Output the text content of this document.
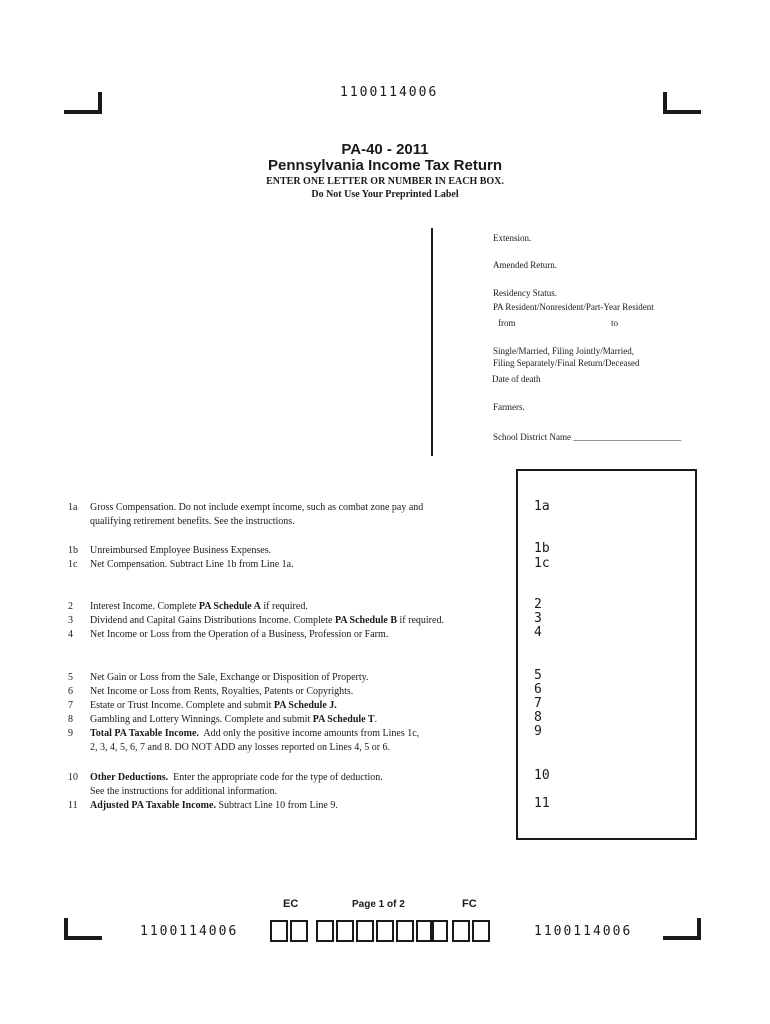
1100114006
PA-40 - 2011
Pennsylvania Income Tax Return
ENTER ONE LETTER OR NUMBER IN EACH BOX.
Do Not Use Your Preprinted Label
Extension.
Amended Return.
Residency Status.
PA Resident/Nonresident/Part-Year Resident
from	to
Single/Married, Filing Jointly/Married,
Filing Separately/Final Return/Deceased
Date of death
Farmers.
School District Name ________________________
1a	Gross Compensation. Do not include exempt income, such as combat zone pay and
qualifying retirement benefits. See the instructions.
1a
1b	Unreimbursed Employee Business Expenses.	1b
1c	Net Compensation. Subtract Line 1b from Line 1a.	1c
2	Interest Income. Complete PA Schedule A if required.	2
3	Dividend and Capital Gains Distributions Income. Complete PA Schedule B if required.	3
4	Net Income or Loss from the Operation of a Business, Profession or Farm.	4
5	Net Gain or Loss from the Sale, Exchange or Disposition of Property.	5
6	Net Income or Loss from Rents, Royalties, Patents or Copyrights.	6
7	Estate or Trust Income. Complete and submit PA Schedule J.	7
8	Gambling and Lottery Winnings. Complete and submit PA Schedule T.	8
9	Total PA Taxable Income.  Add only the positive income amounts from Lines 1c,
2, 3, 4, 5, 6, 7 and 8. DO NOT ADD any losses reported on Lines 4, 5 or 6.
9
10	Other Deductions.  Enter the appropriate code for the type of deduction.
See the instructions for additional information.
10
11	Adjusted PA Taxable Income. Subtract Line 10 from Line 9.	11
EC	Page 1 of 2	FC
1100114006	1100114006
